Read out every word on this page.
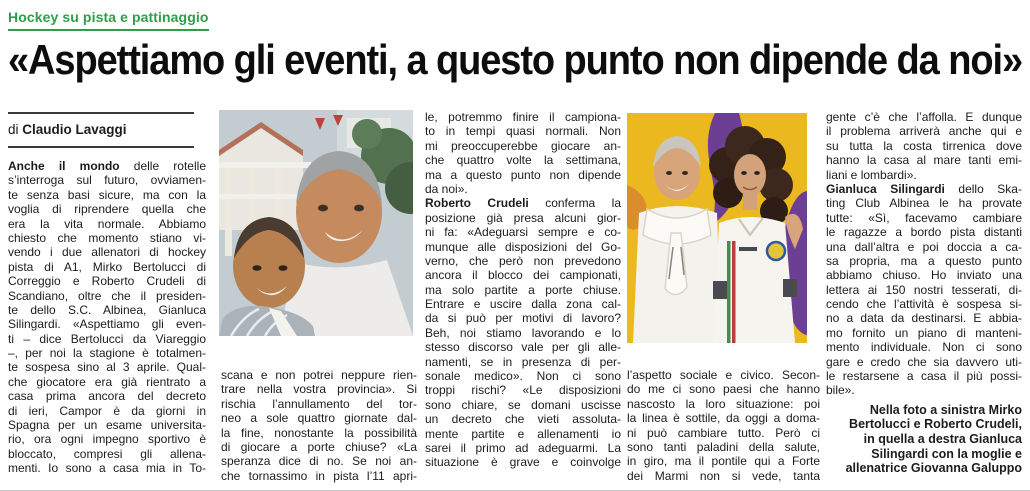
Hockey su pista e pattinaggio
«Aspettiamo gli eventi, a questo punto non dipende da noi»
di Claudio Lavaggi
Anche il mondo delle rotelle
s’interroga sul futuro, ovviamen-
te senza basi sicure, ma con la
voglia di riprendere quella che
era la vita normale. Abbiamo
chiesto che momento stiano vi-
vendo i due allenatori di hockey
pista di A1, Mirko Bertolucci di
Correggio e Roberto Crudeli di
Scandiano, oltre che il presiden-
te dello S.C. Albinea, Gianluca
Silingardi. «Aspettiamo gli even-
ti – dice Bertolucci da Viareggio
–, per noi la stagione è totalmen-
te sospesa sino al 3 aprile. Qual-
che giocatore era già rientrato a
casa prima ancora del decreto
di ieri, Campor è da giorni in
Spagna per un esame universita-
rio, ora ogni impegno sportivo è
bloccato, compresi gli allena-
menti. Io sono a casa mia in To-
scana e non potrei neppure rien-
trare nella vostra provincia». Si
rischia l’annullamento del tor-
neo a sole quattro giornate dal-
la fine, nonostante la possibilità
di giocare a porte chiuse? «La
speranza dice di no. Se noi an-
che tornassimo in pista l’11 apri-
le, potremmo finire il campiona-
to in tempi quasi normali. Non
mi preoccuperebbe giocare an-
che quattro volte la settimana,
ma a questo punto non dipende
da noi».
Roberto Crudeli conferma la
posizione già presa alcuni gior-
ni fa: «Adeguarsi sempre e co-
munque alle disposizioni del Go-
verno, che però non prevedono
ancora il blocco dei campionati,
ma solo partite a porte chiuse.
Entrare e uscire dalla zona cal-
da si può per motivi di lavoro?
Beh, noi stiamo lavorando e lo
stesso discorso vale per gli alle-
namenti, se in presenza di per-
sonale medico». Non ci sono
troppi rischi? «Le disposizioni
sono chiare, se domani uscisse
un decreto che vieti assoluta-
mente partite e allenamenti io
sarei il primo ad adeguarmi. La
situazione è grave e coinvolge
l’aspetto sociale e civico. Secon-
do me ci sono paesi che hanno
nascosto la loro situazione: poi
la linea è sottile, da oggi a doma-
ni può cambiare tutto. Però ci
sono tanti paladini della salute,
in giro, ma il pontile qui a Forte
dei Marmi non si vede, tanta
gente c’è che l’affolla. E dunque
il problema arriverà anche qui e
su tutta la costa tirrenica dove
hanno la casa al mare tanti emi-
liani e lombardi».
Gianluca Silingardi dello Ska-
ting Club Albinea le ha provate
tutte: «Sì, facevamo cambiare
le ragazze a bordo pista distanti
una dall’altra e poi doccia a ca-
sa propria, ma a questo punto
abbiamo chiuso. Ho inviato una
lettera ai 150 nostri tesserati, di-
cendo che l’attività è sospesa si-
no a data da destinarsi. E abbia-
mo fornito un piano di manteni-
mento individuale. Non ci sono
gare e credo che sia davvero uti-
le restarsene a casa il più possi-
bile».
Nella foto a sinistra Mirko
Bertolucci e Roberto Crudeli,
in quella a destra Gianluca
Silingardi con la moglie e
allenatrice Giovanna Galuppo
